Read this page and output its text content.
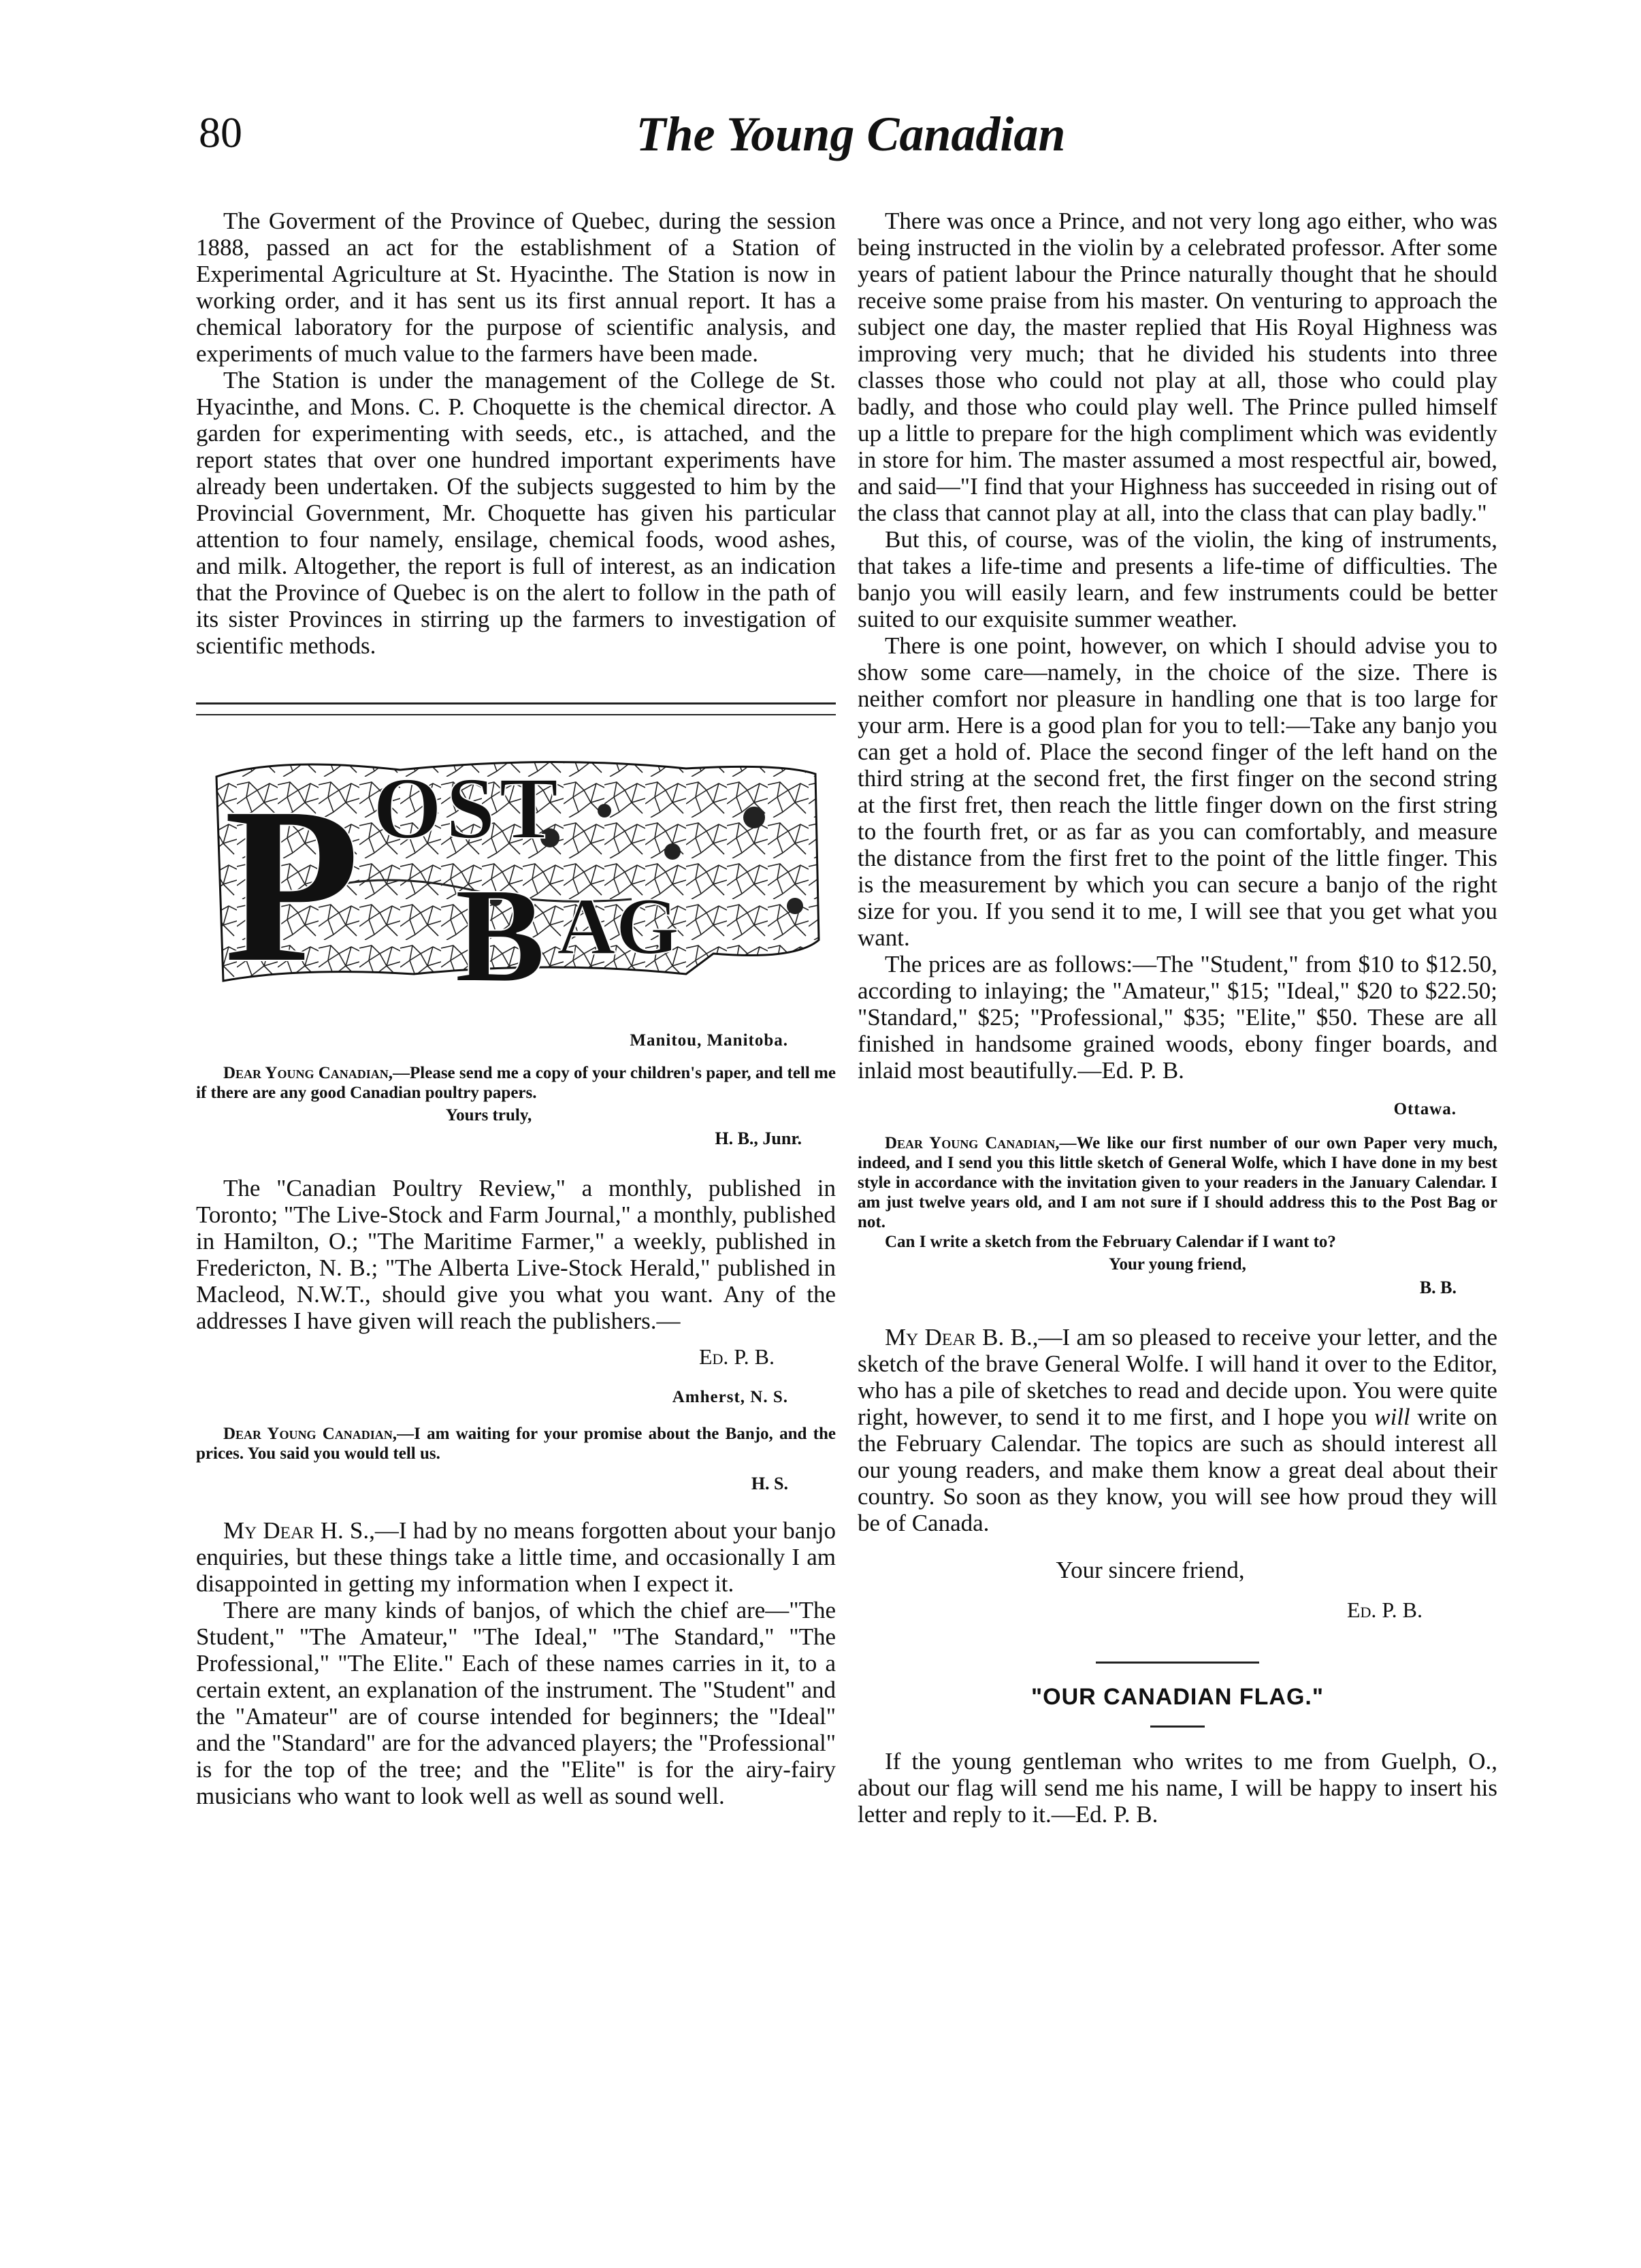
80	The Young Canadian

The Goverment of the Province of Quebec, during the session 1888, passed an act for the establishment of a Station of Experimental Agriculture at St. Hyacinthe. The Station is now in working order, and it has sent us its first annual report. It has a chemical laboratory for the purpose of scientific analysis, and experiments of much value to the farmers have been made.

The Station is under the management of the College de St. Hyacinthe, and Mons. C. P. Choquette is the chemical director. A garden for experimenting with seeds, etc., is attached, and the report states that over one hundred important experiments have already been undertaken. Of the subjects suggested to him by the Provincial Government, Mr. Choquette has given his particular attention to four namely, ensilage, chemical foods, wood ashes, and milk. Altogether, the report is full of interest, as an indication that the Province of Quebec is on the alert to follow in the path of its sister Provinces in stirring up the farmers to investigation of scientific methods.

P OST
B AG

Manitou, Manitoba.

Dear Young Canadian,—Please send me a copy of your children's paper, and tell me if there are any good Canadian poultry papers.

Yours truly,

H. B., Junr.

The "Canadian Poultry Review," a monthly, published in Toronto; "The Live-Stock and Farm Journal," a monthly, published in Hamilton, O.; "The Maritime Farmer," a weekly, published in Fredericton, N. B.; "The Alberta Live-Stock Herald," published in Macleod, N.W.T., should give you what you want. Any of the addresses I have given will reach the publishers.—

Ed. P. B.

Amherst, N. S.

Dear Young Canadian,—I am waiting for your promise about the Banjo, and the prices. You said you would tell us.

H. S.

My Dear H. S.,—I had by no means forgotten about your banjo enquiries, but these things take a little time, and occasionally I am disappointed in getting my information when I expect it.

There are many kinds of banjos, of which the chief are—"The Student," "The Amateur," "The Ideal," "The Standard," "The Professional," "The Elite." Each of these names carries in it, to a certain extent, an explanation of the instrument. The "Student" and the "Amateur" are of course intended for beginners; the "Ideal" and the "Standard" are for the advanced players; the "Professional" is for the top of the tree; and the "Elite" is for the airy-fairy musicians who want to look well as well as sound well.

There was once a Prince, and not very long ago either, who was being instructed in the violin by a celebrated professor. After some years of patient labour the Prince naturally thought that he should receive some praise from his master. On venturing to approach the subject one day, the master replied that His Royal Highness was improving very much; that he divided his students into three classes those who could not play at all, those who could play badly, and those who could play well. The Prince pulled himself up a little to prepare for the high compliment which was evidently in store for him. The master assumed a most respectful air, bowed, and said—"I find that your Highness has succeeded in rising out of the class that cannot play at all, into the class that can play badly."

But this, of course, was of the violin, the king of instruments, that takes a life-time and presents a life-time of difficulties. The banjo you will easily learn, and few instruments could be better suited to our exquisite summer weather.

There is one point, however, on which I should advise you to show some care—namely, in the choice of the size. There is neither comfort nor pleasure in handling one that is too large for your arm. Here is a good plan for you to tell:—Take any banjo you can get a hold of. Place the second finger of the left hand on the third string at the second fret, the first finger on the second string at the first fret, then reach the little finger down on the first string to the fourth fret, or as far as you can comfortably, and measure the distance from the first fret to the point of the little finger. This is the measurement by which you can secure a banjo of the right size for you. If you send it to me, I will see that you get what you want.

The prices are as follows:—The "Student," from $10 to $12.50, according to inlaying; the "Amateur," $15; "Ideal," $20 to $22.50; "Standard," $25; "Professional," $35; "Elite," $50. These are all finished in handsome grained woods, ebony finger boards, and inlaid most beautifully.—Ed. P. B.

Ottawa.

Dear Young Canadian,—We like our first number of our own Paper very much, indeed, and I send you this little sketch of General Wolfe, which I have done in my best style in accordance with the invitation given to your readers in the January Calendar. I am just twelve years old, and I am not sure if I should address this to the Post Bag or not.

Can I write a sketch from the February Calendar if I want to?

Your young friend,

B. B.

My Dear B. B.,—I am so pleased to receive your letter, and the sketch of the brave General Wolfe. I will hand it over to the Editor, who has a pile of sketches to read and decide upon. You were quite right, however, to send it to me first, and I hope you will write on the February Calendar. The topics are such as should interest all our young readers, and make them know a great deal about their country. So soon as they know, you will see how proud they will be of Canada.

Your sincere friend,

Ed. P. B.

"OUR CANADIAN FLAG."

If the young gentleman who writes to me from Guelph, O., about our flag will send me his name, I will be happy to insert his letter and reply to it.—Ed. P. B.
